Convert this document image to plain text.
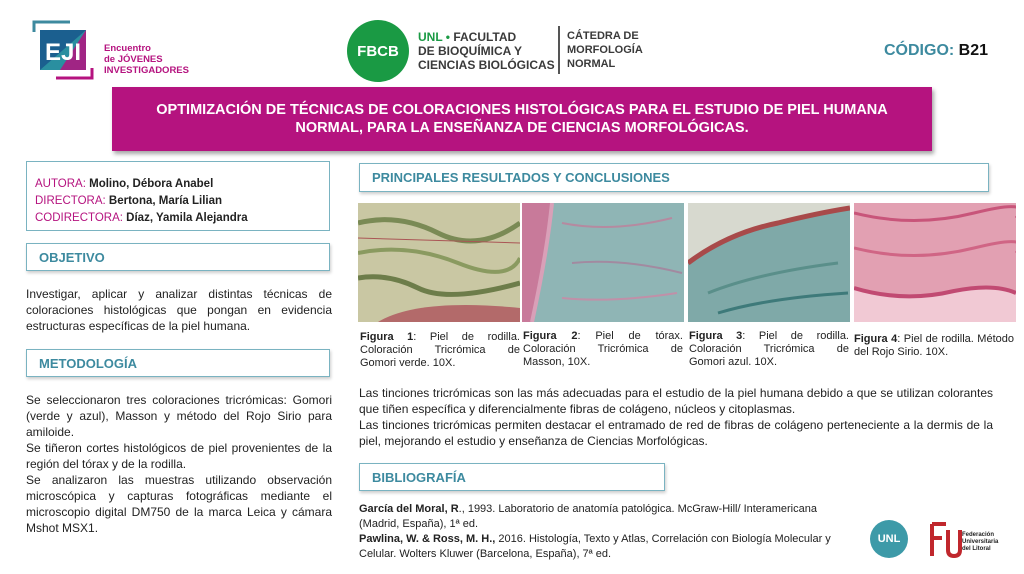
EJI Encuentro
de JÓVENES
INVESTIGADORES
FBCB
UNL • FACULTAD
DE BIOQUÍMICA Y
CIENCIAS BIOLÓGICAS
CÁTEDRA DE
MORFOLOGÍA
NORMAL
CÓDIGO: B21
OPTIMIZACIÓN DE TÉCNICAS DE COLORACIONES HISTOLÓGICAS PARA EL ESTUDIO DE PIEL HUMANA NORMAL, PARA LA ENSEÑANZA DE CIENCIAS MORFOLÓGICAS.
AUTORA: Molino, Débora Anabel
DIRECTORA: Bertona, María Lilian
CODIRECTORA: Díaz, Yamila Alejandra
OBJETIVO
Investigar, aplicar y analizar distintas técnicas de coloraciones histológicas que pongan en evidencia estructuras específicas de la piel humana.
METODOLOGÍA
Se seleccionaron tres coloraciones tricrómicas: Gomori (verde y azul), Masson y método del Rojo Sirio para amiloide.
Se tiñeron cortes histológicos de piel provenientes de la región del tórax y de la rodilla.
Se analizaron las muestras utilizando observación microscópica y capturas fotográficas mediante el microscopio digital DM750 de la marca Leica y cámara Mshot MSX1.
PRINCIPALES RESULTADOS Y CONCLUSIONES
Figura 1: Piel de rodilla. Coloración Tricrómica de Gomori verde. 10X.
Figura 2: Piel de tórax. Coloración Tricrómica de Masson, 10X.
Figura 3: Piel de rodilla. Coloración Tricrómica de Gomori azul. 10X.
Figura 4: Piel de rodilla. Método del Rojo Sirio. 10X.
Las tinciones tricrómicas son las más adecuadas para el estudio de la piel humana debido a que se utilizan colorantes que tiñen específica y diferencialmente fibras de colágeno, núcleos y citoplasmas.
Las tinciones tricrómicas permiten destacar el entramado de red de fibras de colágeno perteneciente a la dermis de la piel, mejorando el estudio y enseñanza de Ciencias Morfológicas.
BIBLIOGRAFÍA
García del Moral, R., 1993. Laboratorio de anatomía patológica. McGraw-Hill/ Interamericana (Madrid, España), 1ª ed.
Pawlina, W. & Ross, M. H., 2016. Histología, Texto y Atlas, Correlación con Biología Molecular y Celular. Wolters Kluwer (Barcelona, España), 7ª ed.
UNL	Federación
Universitaria
del Litoral
